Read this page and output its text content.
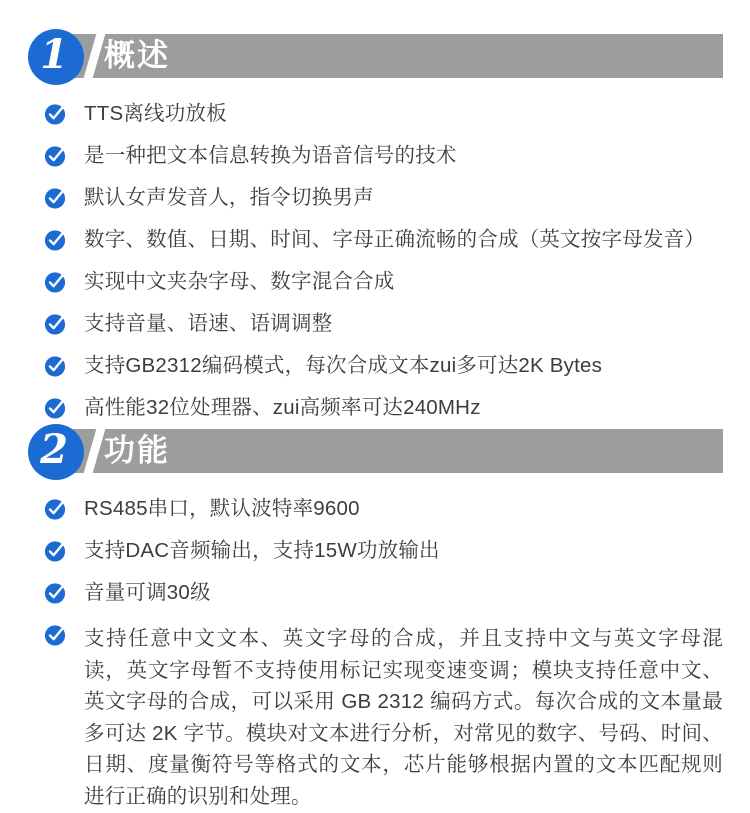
1 概述
TTS离线功放板
是一种把文本信息转换为语音信号的技术
默认女声发音人，指令切换男声
数字、数值、日期、时间、字母正确流畅的合成（英文按字母发音）
实现中文夹杂字母、数字混合合成
支持音量、语速、语调调整
支持GB2312编码模式，每次合成文本zui多可达2K Bytes
高性能32位处理器、zui高频率可达240MHz
2 功能
RS485串口，默认波特率9600
支持DAC音频输出，支持15W功放输出
音量可调30级
支持任意中文文本、英文字母的合成，并且支持中文与英文字母混读，英文字母暂不支持使用标记实现变速变调；模块支持任意中文、英文字母的合成，可以采用 GB 2312 编码方式。每次合成的文本量最多可达 2K 字节。模块对文本进行分析，对常见的数字、号码、时间、日期、度量衡符号等格式的文本，芯片能够根据内置的文本匹配规则进行正确的识别和处理。
